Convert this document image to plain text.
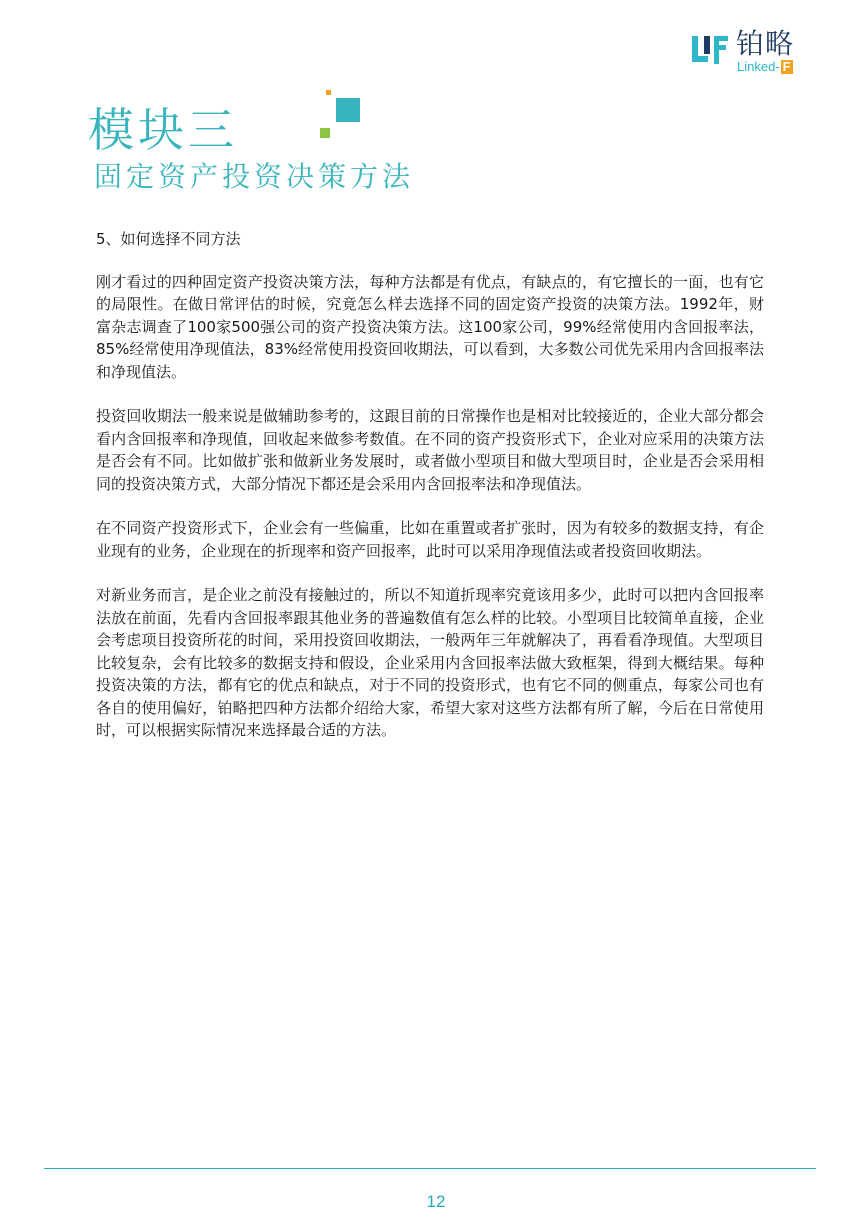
铂略
Linked- F
模块三
固定资产投资决策方法

5、如何选择不同方法

刚才看过的四种固定资产投资决策方法，每种方法都是有优点，有缺点的，有它擅长的一面，也有它的局限性。在做日常评估的时候，究竟怎么样去选择不同的固定资产投资的决策方法。1992年，财富杂志调查了100家500强公司的资产投资决策方法。这100家公司，99%经常使用内含回报率法，85%经常使用净现值法，83%经常使用投资回收期法，可以看到，大多数公司优先采用内含回报率法和净现值法。

投资回收期法一般来说是做辅助参考的，这跟目前的日常操作也是相对比较接近的，企业大部分都会看内含回报率和净现值，回收起来做参考数值。在不同的资产投资形式下，企业对应采用的决策方法是否会有不同。比如做扩张和做新业务发展时，或者做小型项目和做大型项目时，企业是否会采用相同的投资决策方式，大部分情况下都还是会采用内含回报率法和净现值法。

在不同资产投资形式下，企业会有一些偏重，比如在重置或者扩张时，因为有较多的数据支持，有企业现有的业务，企业现在的折现率和资产回报率，此时可以采用净现值法或者投资回收期法。

对新业务而言，是企业之前没有接触过的，所以不知道折现率究竟该用多少，此时可以把内含回报率法放在前面，先看内含回报率跟其他业务的普遍数值有怎么样的比较。小型项目比较简单直接，企业会考虑项目投资所花的时间，采用投资回收期法，一般两年三年就解决了，再看看净现值。大型项目比较复杂，会有比较多的数据支持和假设，企业采用内含回报率法做大致框架，得到大概结果。每种投资决策的方法，都有它的优点和缺点，对于不同的投资形式，也有它不同的侧重点，每家公司也有各自的使用偏好，铂略把四种方法都介绍给大家，希望大家对这些方法都有所了解，今后在日常使用时，可以根据实际情况来选择最合适的方法。

12
